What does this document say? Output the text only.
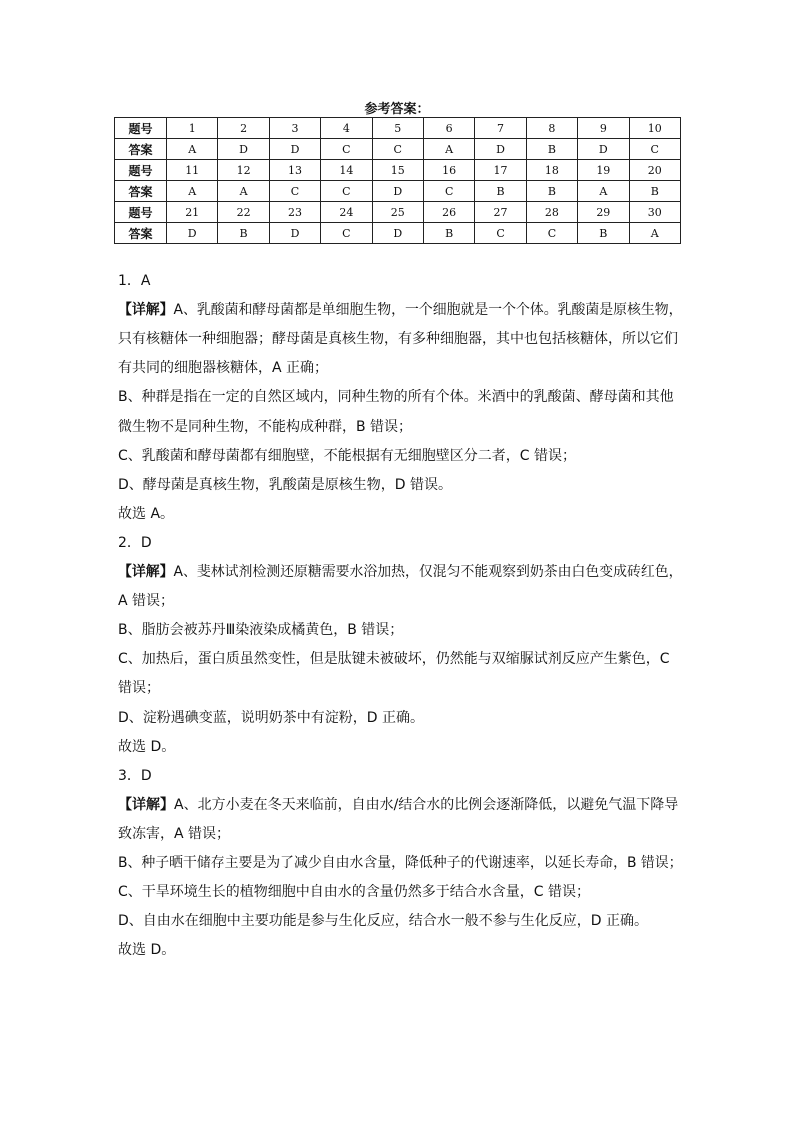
参考答案：
题号	1	2	3	4	5	6	7	8	9	10
答案	A	D	D	C	C	A	D	B	D	C
题号	11	12	13	14	15	16	17	18	19	20
答案	A	A	C	C	D	C	B	B	A	B
题号	21	22	23	24	25	26	27	28	29	30
答案	D	B	D	C	D	B	C	C	B	A
1．A
【详解】A、乳酸菌和酵母菌都是单细胞生物，一个细胞就是一个个体。乳酸菌是原核生物，
只有核糖体一种细胞器；酵母菌是真核生物，有多种细胞器，其中也包括核糖体，所以它们
有共同的细胞器核糖体，A 正确；
B、种群是指在一定的自然区域内，同种生物的所有个体。米酒中的乳酸菌、酵母菌和其他
微生物不是同种生物，不能构成种群，B 错误；
C、乳酸菌和酵母菌都有细胞壁，不能根据有无细胞壁区分二者，C 错误；
D、酵母菌是真核生物，乳酸菌是原核生物，D 错误。
故选 A。
2．D
【详解】A、斐林试剂检测还原糖需要水浴加热，仅混匀不能观察到奶茶由白色变成砖红色，
A 错误；
B、脂肪会被苏丹Ⅲ染液染成橘黄色，B 错误；
C、加热后，蛋白质虽然变性，但是肽键未被破坏，仍然能与双缩脲试剂反应产生紫色，C
错误；
D、淀粉遇碘变蓝，说明奶茶中有淀粉，D 正确。
故选 D。
3．D
【详解】A、北方小麦在冬天来临前，自由水/结合水的比例会逐渐降低，以避免气温下降导
致冻害，A 错误；
B、种子晒干储存主要是为了减少自由水含量，降低种子的代谢速率，以延长寿命，B 错误；
C、干旱环境生长的植物细胞中自由水的含量仍然多于结合水含量，C 错误；
D、自由水在细胞中主要功能是参与生化反应，结合水一般不参与生化反应，D 正确。
故选 D。
